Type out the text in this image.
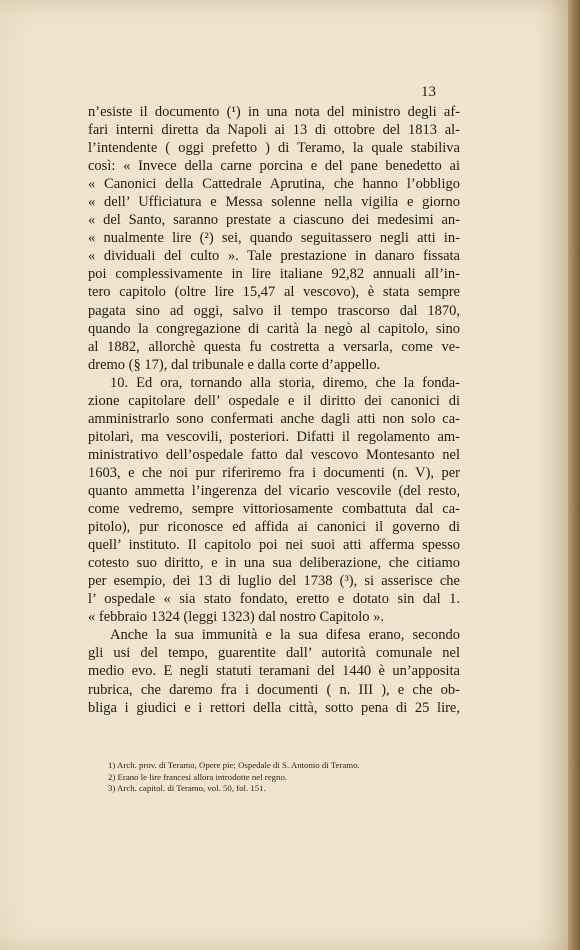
13
n’esiste il documento (¹) in una nota del ministro degli af-
fari interni diretta da Napoli ai 13 di ottobre del 1813 al-
l’intendente ( oggi prefetto ) di Teramo, la quale stabiliva
così: « Invece della carne porcina e del pane benedetto ai
« Canonici della Cattedrale Aprutina, che hanno l’obbligo
« dell’ Ufficiatura e Messa solenne nella vigilia e giorno
« del Santo, saranno prestate a ciascuno dei medesimi an-
« nualmente lire (²) sei, quando seguitassero negli atti in-
« dividuali del culto ». Tale prestazione in danaro fissata
poi complessivamente in lire italiane 92,82 annuali all’in-
tero capitolo (oltre lire 15,47 al vescovo), è stata sempre
pagata sino ad oggi, salvo il tempo trascorso dal 1870,
quando la congregazione di carità la negò al capitolo, sino
al 1882, allorchè questa fu costretta a versarla, come ve-
dremo (§ 17), dal tribunale e dalla corte d’appello.
10. Ed ora, tornando alla storia, diremo, che la fonda-
zione capitolare dell’ ospedale e il diritto dei canonici di
amministrarlo sono confermati anche dagli atti non solo ca-
pitolari, ma vescovili, posteriori. Difatti il regolamento am-
ministrativo dell’ospedale fatto dal vescovo Montesanto nel
1603, e che noi pur riferiremo fra i documenti (n. V), per
quanto ammetta l’ingerenza del vicario vescovile (del resto,
come vedremo, sempre vittoriosamente combattuta dal ca-
pitolo), pur riconosce ed affida ai canonici il governo di
quell’ instituto. Il capitolo poi nei suoi atti afferma spesso
cotesto suo diritto, e in una sua deliberazione, che citiamo
per esempio, dei 13 di luglio del 1738 (³), si asserisce che
l’ ospedale « sia stato fondato, eretto e dotato sin dal 1.
« febbraio 1324 (leggi 1323) dal nostro Capitolo ».
Anche la sua immunità e la sua difesa erano, secondo
gli usi del tempo, guarentite dall’ autorità comunale nel
medio evo. E negli statuti teramani del 1440 è un’apposita
rubrica, che daremo fra i documenti ( n. III ), e che ob-
bliga i giudici e i rettori della città, sotto pena di 25 lire,
1) Arch. prov. di Teramo, Opere pie; Ospedale di S. Antonio di Teramo.
2) Erano le lire francesi allora introdotte nel regno.
3) Arch. capitol. di Teramo, vol. 50, fol. 151.
